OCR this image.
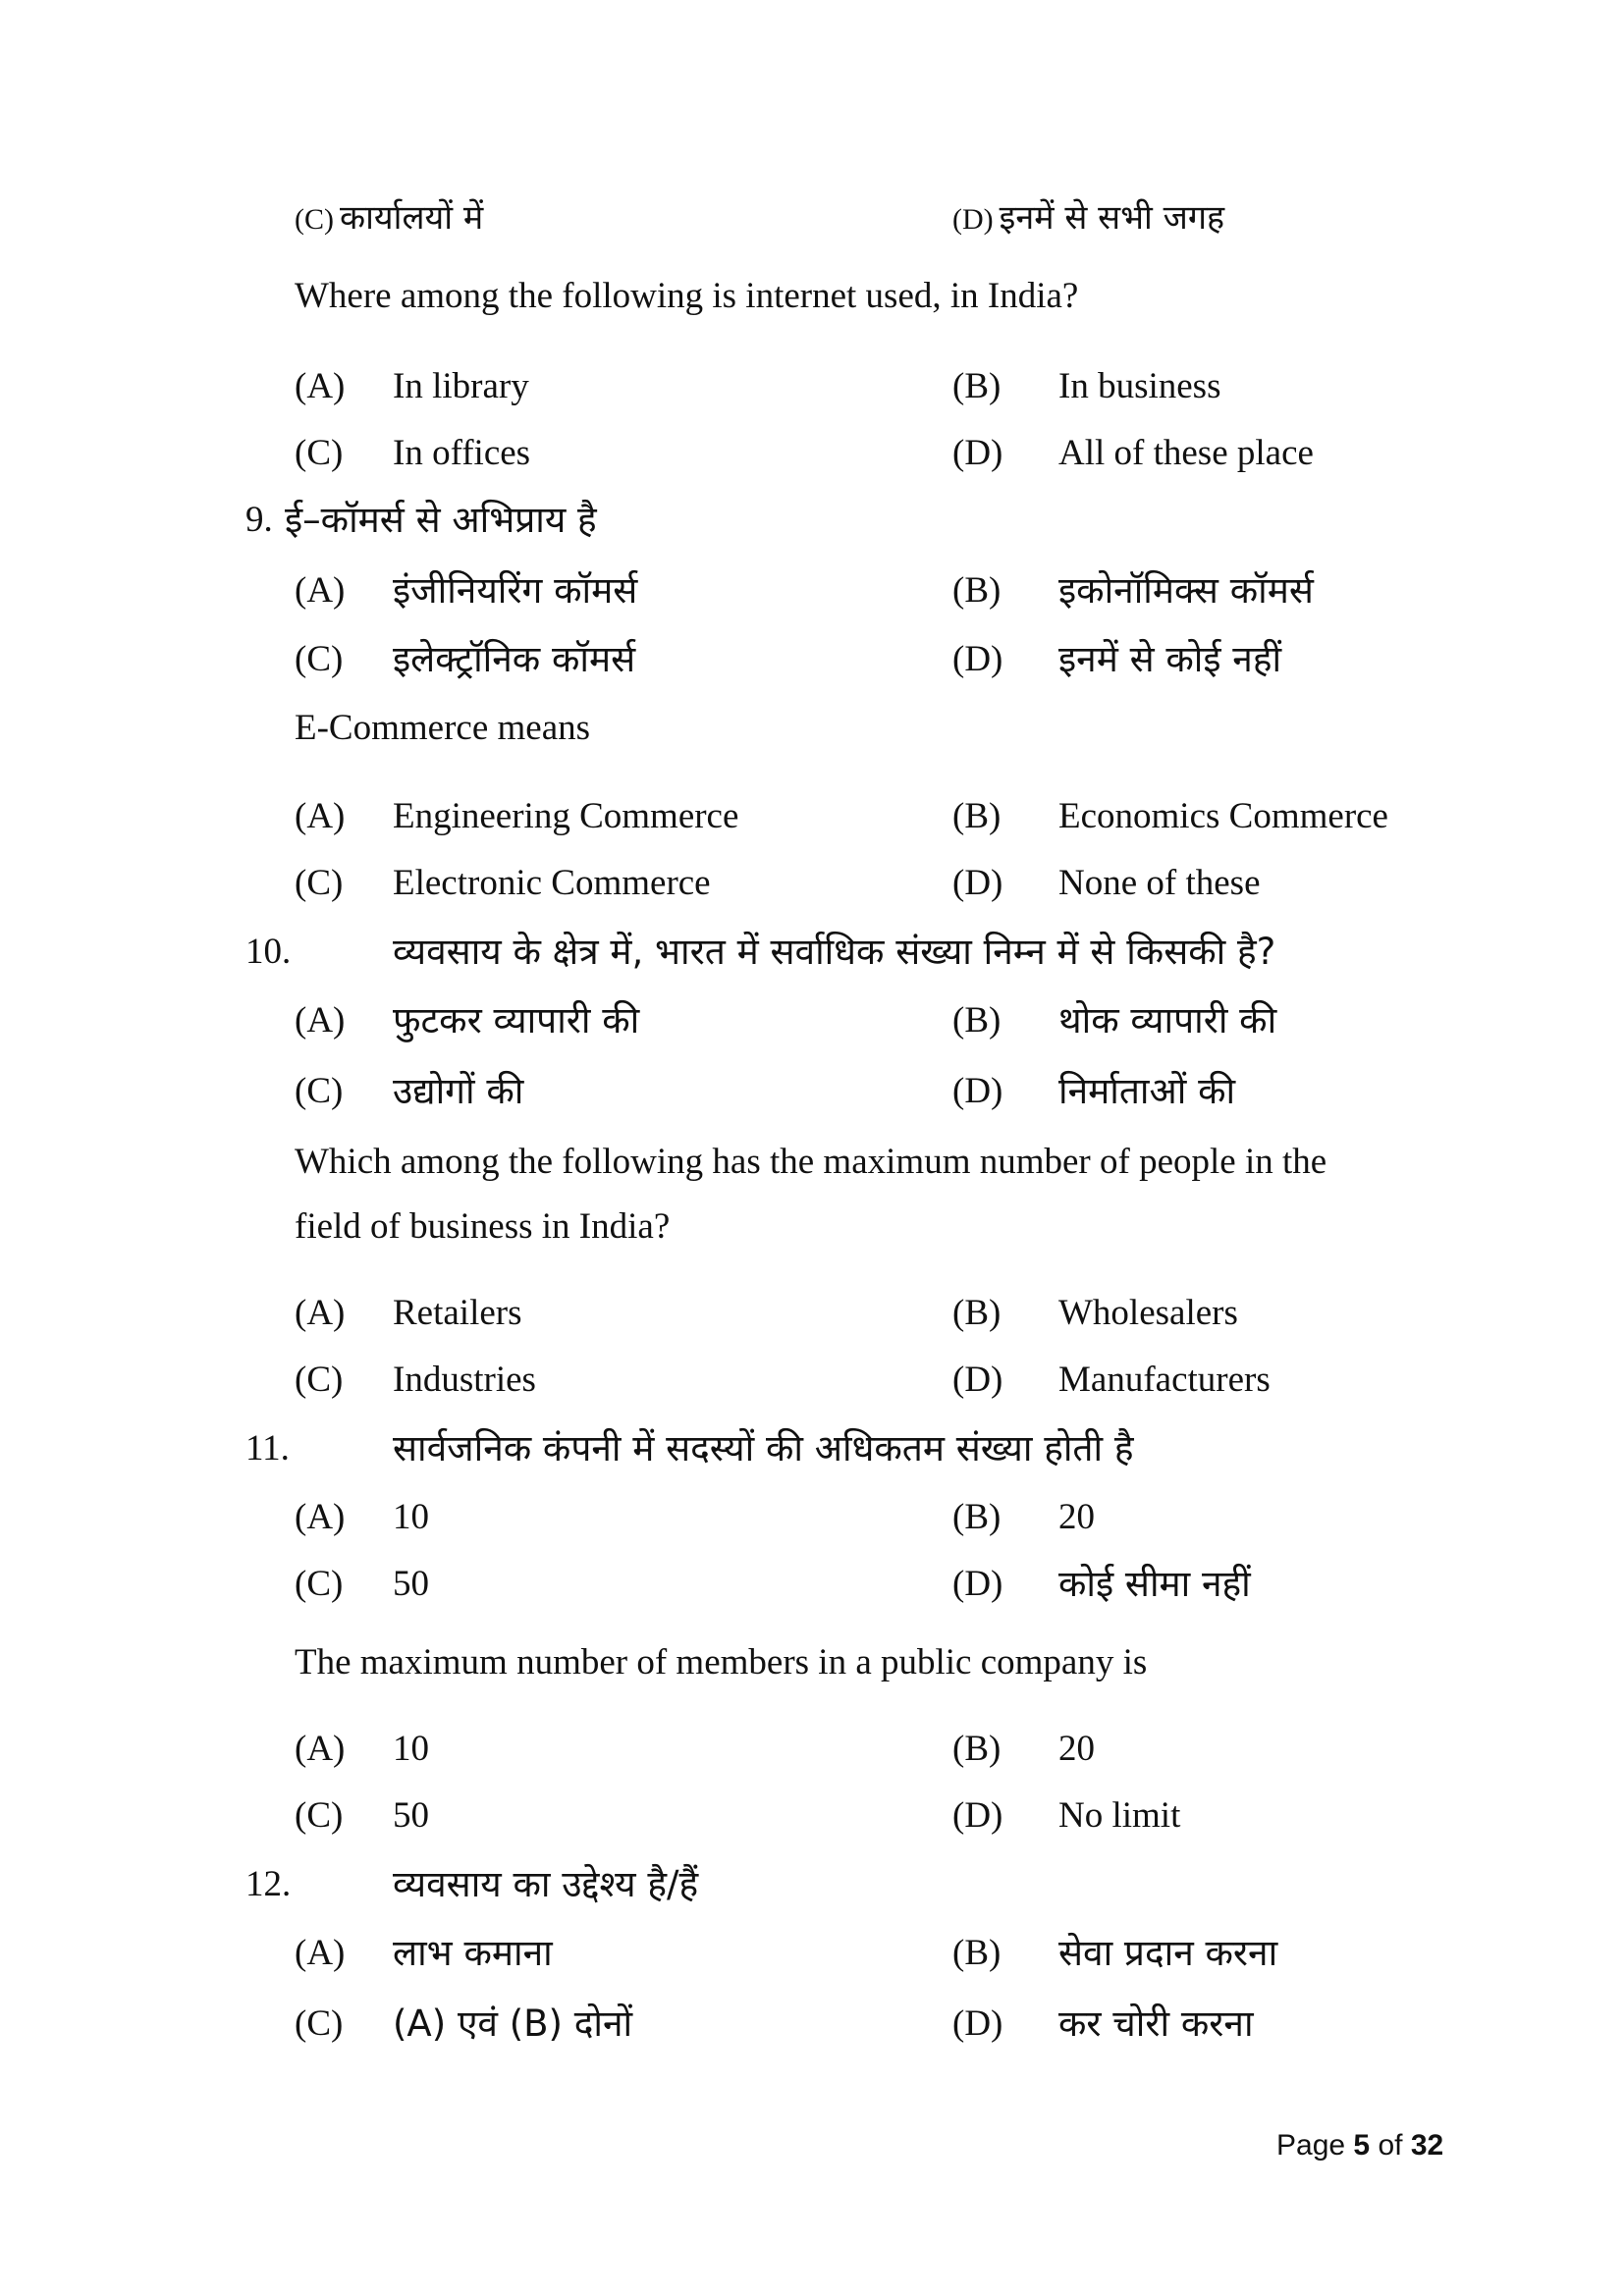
(C) कार्यालयों में	(D) इनमें से सभी जगह
Where among the following is internet used, in India?
(A) In library	(B) In business
(C) In offices	(D) All of these place
9. ई–कॉमर्स से अभिप्राय है
(A) इंजीनियरिंग कॉमर्स	(B) इकोनॉमिक्स कॉमर्स
(C) इलेक्ट्रॉनिक कॉमर्स	(D) इनमें से कोई नहीं
E-Commerce means
(A) Engineering Commerce	(B) Economics Commerce
(C) Electronic Commerce	(D) None of these
10.	व्यवसाय के क्षेत्र में, भारत में सर्वाधिक संख्या निम्न में से किसकी है?
(A) फुटकर व्यापारी की	(B) थोक व्यापारी की
(C) उद्योगों की	(D) निर्माताओं की
Which among the following has the maximum number of people in the
field of business in India?
(A) Retailers	(B) Wholesalers
(C) Industries	(D) Manufacturers
11.	सार्वजनिक कंपनी में सदस्यों की अधिकतम संख्या होती है
(A) 10	(B) 20
(C) 50	(D) कोई सीमा नहीं
The maximum number of members in a public company is
(A) 10	(B) 20
(C) 50	(D) No limit
12.	व्यवसाय का उद्देश्य है/हैं
(A) लाभ कमाना	(B) सेवा प्रदान करना
(C) (A) एवं (B) दोनों	(D) कर चोरी करना
Page 5 of 32
